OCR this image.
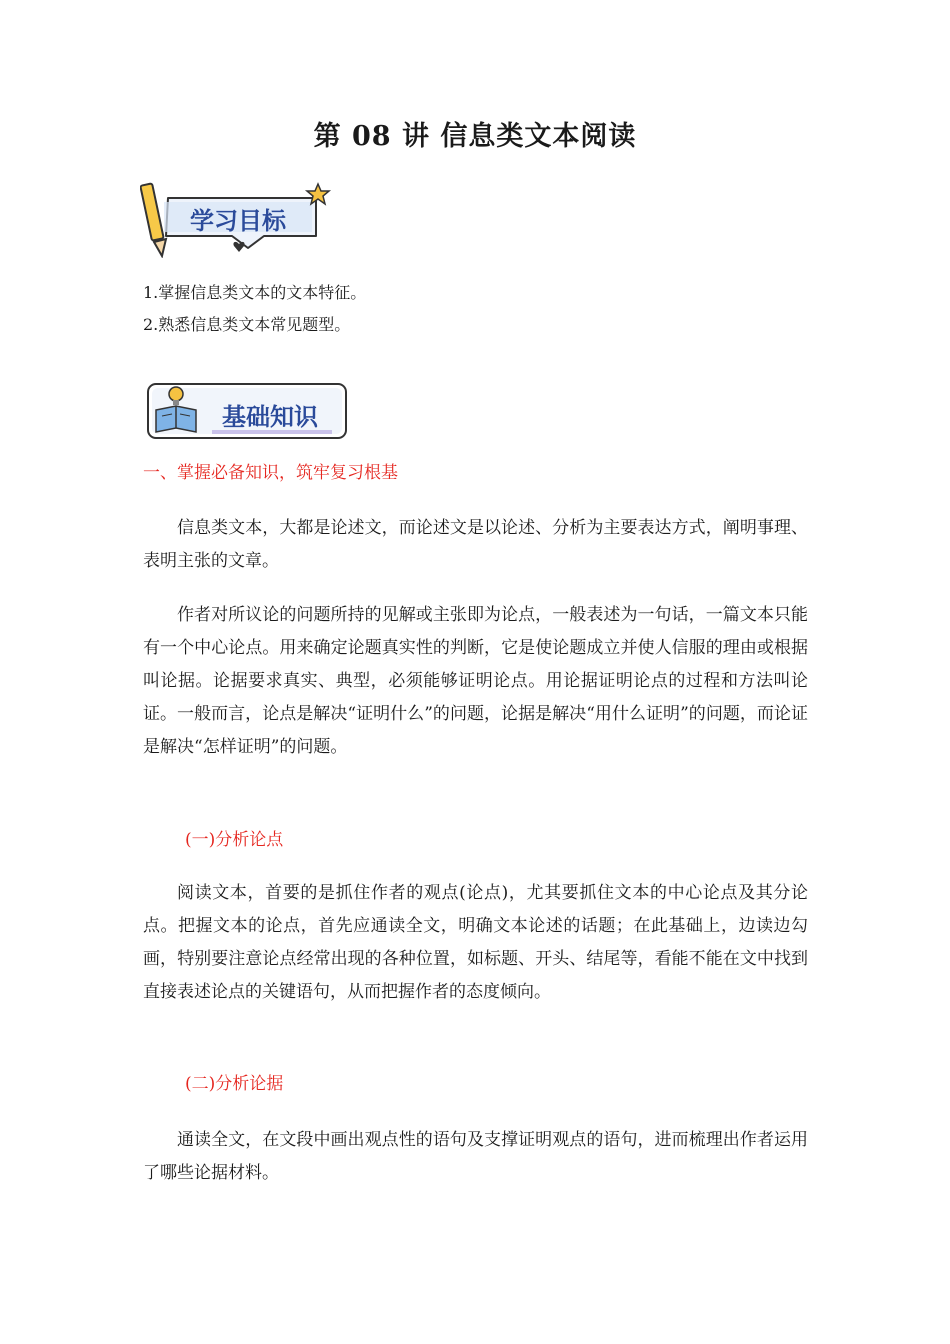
第 08 讲 信息类文本阅读
学习目标

1.掌握信息类文本的文本特征。

2.熟悉信息类文本常见题型。

基础知识

一、掌握必备知识，筑牢复习根基

信息类文本，大都是论述文，而论述文是以论述、分析为主要表达方式，阐明事理、表明主张的文章。

作者对所议论的问题所持的见解或主张即为论点，一般表述为一句话，一篇文本只能有一个中心论点。用来确定论题真实性的判断，它是使论题成立并使人信服的理由或根据叫论据。论据要求真实、典型，必须能够证明论点。用论据证明论点的过程和方法叫论证。一般而言，论点是解决“证明什么”的问题，论据是解决“用什么证明”的问题，而论证是解决“怎样证明”的问题。

(一)分析论点

阅读文本，首要的是抓住作者的观点(论点)，尤其要抓住文本的中心论点及其分论点。把握文本的论点，首先应通读全文，明确文本论述的话题；在此基础上，边读边勾画，特别要注意论点经常出现的各种位置，如标题、开头、结尾等，看能不能在文中找到直接表述论点的关键语句，从而把握作者的态度倾向。

(二)分析论据

通读全文，在文段中画出观点性的语句及支撑证明观点的语句，进而梳理出作者运用了哪些论据材料。
